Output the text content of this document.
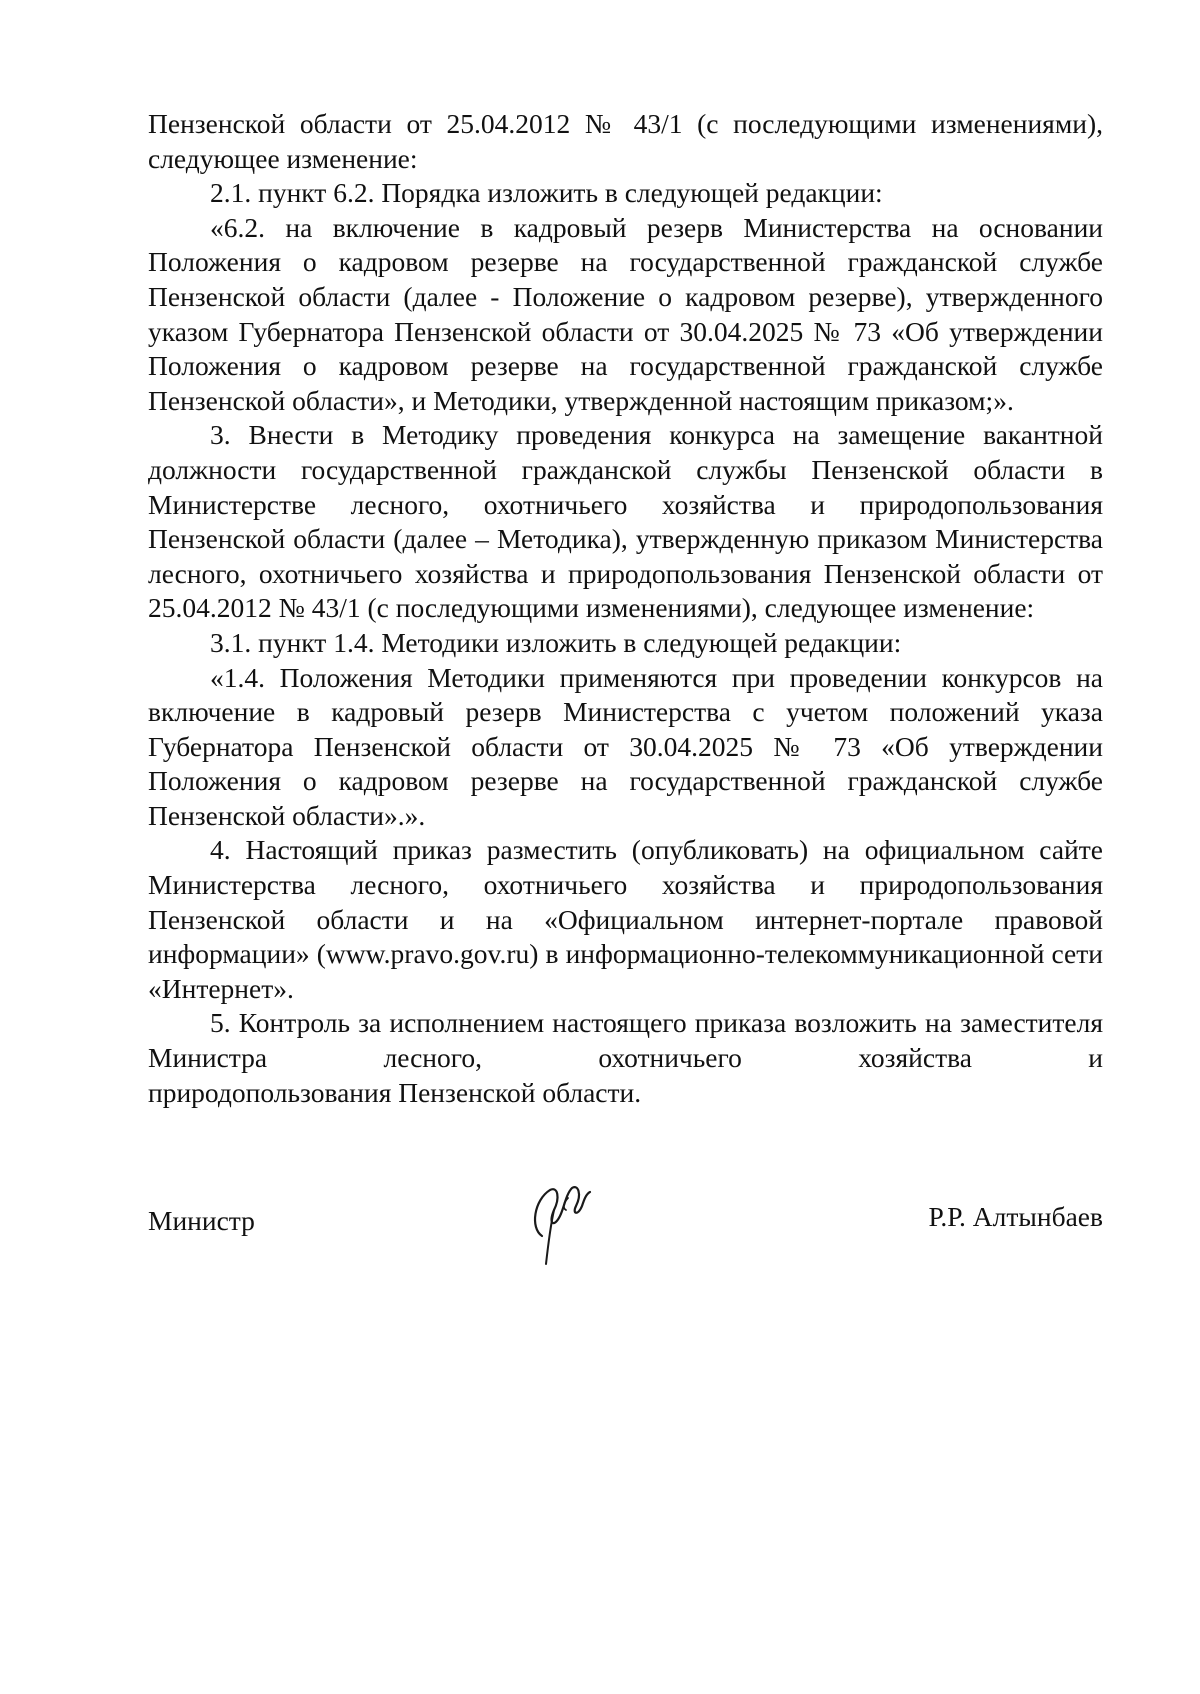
Пензенской области от 25.04.2012 № 43/1 (с последующими изменениями), следующее изменение:

2.1. пункт 6.2. Порядка изложить в следующей редакции:

«6.2. на включение в кадровый резерв Министерства на основании Положения о кадровом резерве на государственной гражданской службе Пензенской области (далее - Положение о кадровом резерве), утвержденного указом Губернатора Пензенской области от 30.04.2025 № 73 «Об утверждении Положения о кадровом резерве на государственной гражданской службе Пензенской области», и Методики, утвержденной настоящим приказом;».

3. Внести в Методику проведения конкурса на замещение вакантной должности государственной гражданской службы Пензенской области в Министерстве лесного, охотничьего хозяйства и природопользования Пензенской области (далее – Методика), утвержденную приказом Министерства лесного, охотничьего хозяйства и природопользования Пензенской области от 25.04.2012 № 43/1 (с последующими изменениями), следующее изменение:

3.1. пункт 1.4. Методики изложить в следующей редакции:

«1.4. Положения Методики применяются при проведении конкурсов на включение в кадровый резерв Министерства с учетом положений указа Губернатора Пензенской области от 30.04.2025 № 73 «Об утверждении Положения о кадровом резерве на государственной гражданской службе Пензенской области».».

4. Настоящий приказ разместить (опубликовать) на официальном сайте Министерства лесного, охотничьего хозяйства и природопользования Пензенской области и на «Официальном интернет-портале правовой информации» (www.pravo.gov.ru) в информационно-телекоммуникационной сети «Интернет».

5. Контроль за исполнением настоящего приказа возложить на заместителя Министра лесного, охотничьего хозяйства и

природопользования Пензенской области.

Министр	Р.Р. Алтынбаев
